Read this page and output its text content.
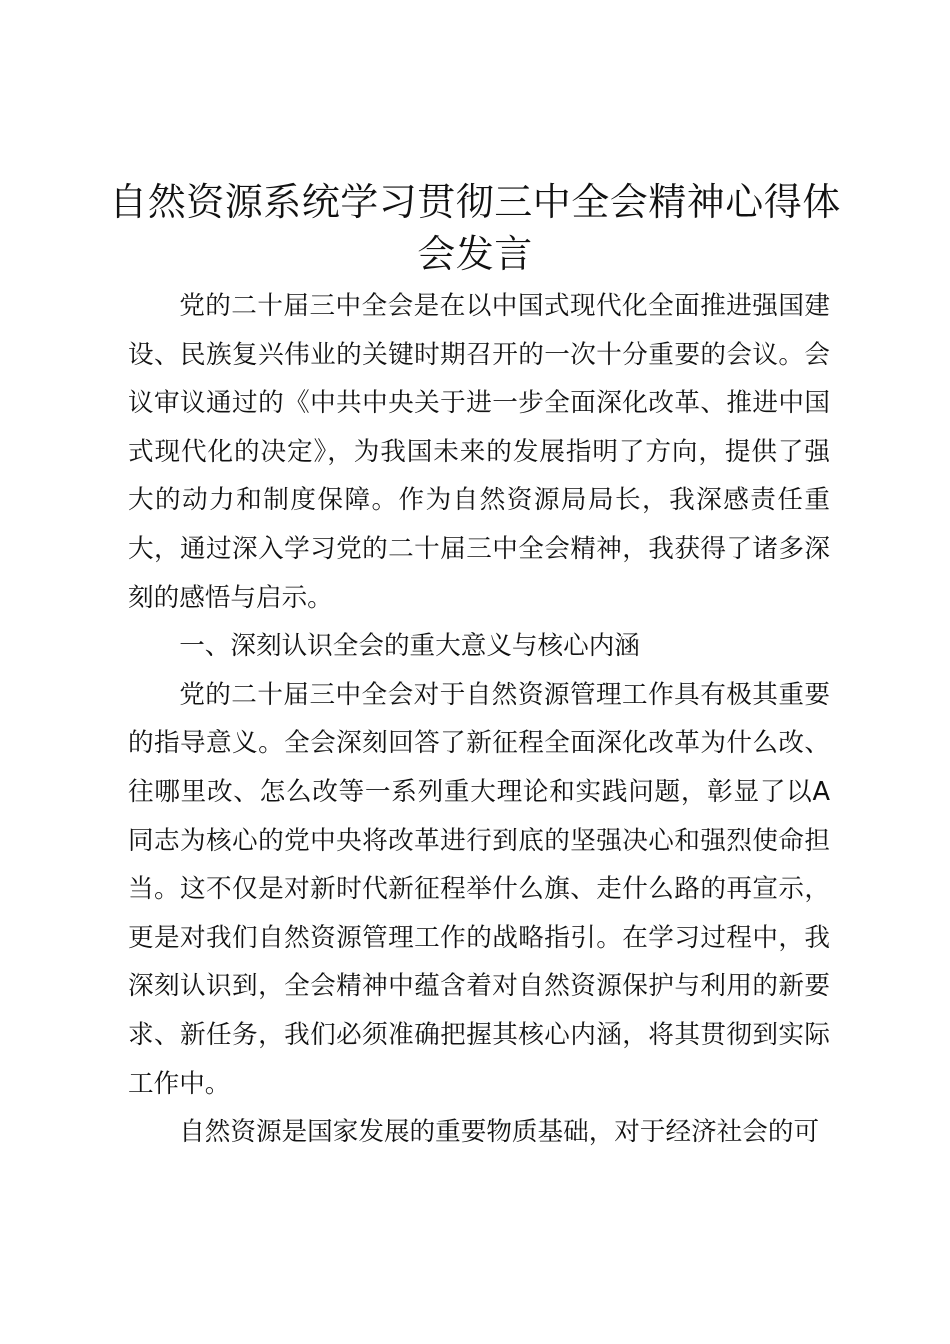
自然资源系统学习贯彻三中全会精神心得体会发言

党的二十届三中全会是在以中国式现代化全面推进强国建设、民族复兴伟业的关键时期召开的一次十分重要的会议。会议审议通过的《中共中央关于进一步全面深化改革、推进中国式现代化的决定》，为我国未来的发展指明了方向，提供了强大的动力和制度保障。作为自然资源局局长，我深感责任重大，通过深入学习党的二十届三中全会精神，我获得了诸多深刻的感悟与启示。

一、深刻认识全会的重大意义与核心内涵

党的二十届三中全会对于自然资源管理工作具有极其重要的指导意义。全会深刻回答了新征程全面深化改革为什么改、往哪里改、怎么改等一系列重大理论和实践问题，彰显了以A同志为核心的党中央将改革进行到底的坚强决心和强烈使命担当。这不仅是对新时代新征程举什么旗、走什么路的再宣示，更是对我们自然资源管理工作的战略指引。在学习过程中，我深刻认识到，全会精神中蕴含着对自然资源保护与利用的新要求、新任务，我们必须准确把握其核心内涵，将其贯彻到实际工作中。

自然资源是国家发展的重要物质基础，对于经济社会的可
